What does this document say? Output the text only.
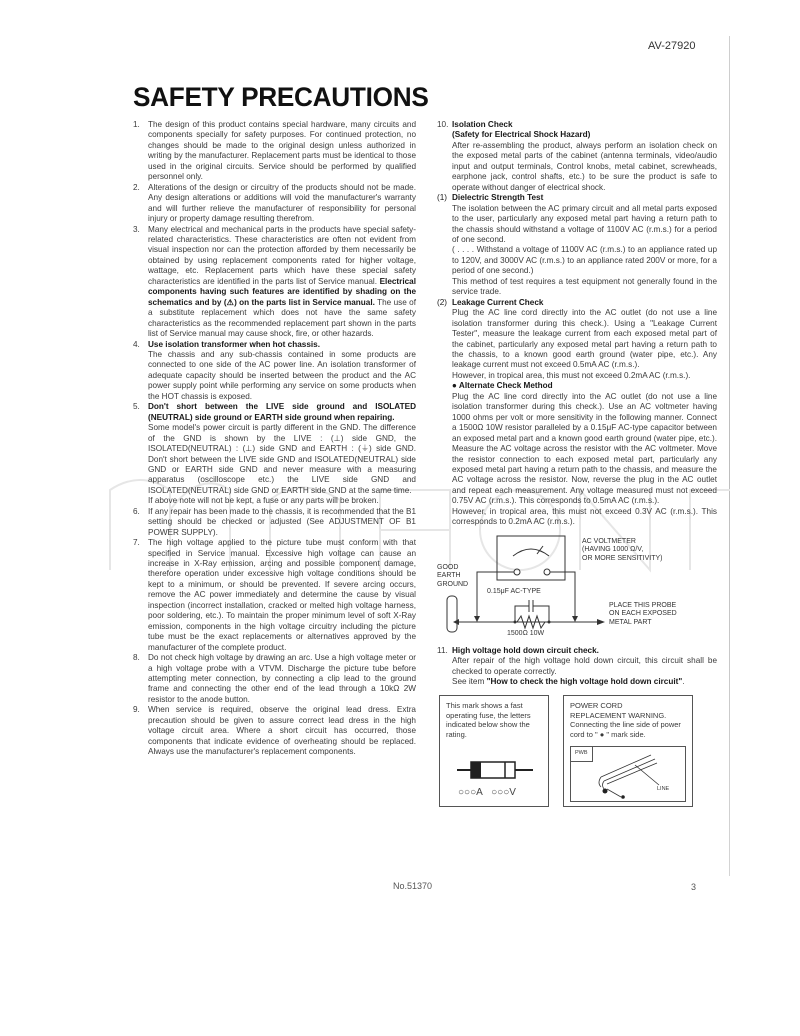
AV-27920
SAFETY PRECAUTIONS
1. The design of this product contains special hardware, many circuits and components specially for safety purposes. For continued protection, no changes should be made to the original design unless authorized in writing by the manufacturer. Replacement parts must be identical to those used in the original circuits. Service should be performed by qualified personnel only.

2. Alterations of the design or circuitry of the products should not be made. Any design alterations or additions will void the manufacturer's warranty and will further relieve the manufacturer of responsibility for personal injury or property damage resulting therefrom.

3. Many electrical and mechanical parts in the products have special safety-related characteristics. These characteristics are often not evident from visual inspection nor can the protection afforded by them necessarily be obtained by using replacement components rated for higher voltage, wattage, etc. Replacement parts which have these special safety characteristics are identified in the parts list of Service manual. Electrical components having such features are identified by shading on the schematics and by (⚠) on the parts list in Service manual. The use of a substitute replacement which does not have the same safety characteristics as the recommended replacement part shown in the parts list of Service manual may cause shock, fire, or other hazards.

4. Use isolation transformer when hot chassis.

The chassis and any sub-chassis contained in some products are connected to one side of the AC power line. An isolation transformer of adequate capacity should be inserted between the product and the AC power supply point while performing any service on some products when the HOT chassis is exposed.

5. Don't short between the LIVE side ground and ISOLATED (NEUTRAL) side ground or EARTH side ground when repairing.

Some model's power circuit is partly different in the GND. The difference of the GND is shown by the LIVE : (⊥) side GND, the ISOLATED(NEUTRAL) : (⊥) side GND and EARTH : (⏚) side GND. Don't short between the LIVE side GND and ISOLATED(NEUTRAL) side GND or EARTH side GND and never measure with a measuring apparatus (oscilloscope etc.) the LIVE side GND and ISOLATED(NEUTRAL) side GND or EARTH side GND at the same time.

If above note will not be kept, a fuse or any parts will be broken.

6. If any repair has been made to the chassis, it is recommended that the B1 setting should be checked or adjusted (See ADJUSTMENT OF B1 POWER SUPPLY).

7. The high voltage applied to the picture tube must conform with that specified in Service manual. Excessive high voltage can cause an increase in X-Ray emission, arcing and possible component damage, therefore operation under excessive high voltage conditions should be kept to a minimum, or should be prevented. If severe arcing occurs, remove the AC power immediately and determine the cause by visual inspection (incorrect installation, cracked or melted high voltage harness, poor soldering, etc.). To maintain the proper minimum level of soft X-Ray emission, components in the high voltage circuitry including the picture tube must be the exact replacements or alternatives approved by the manufacturer of the complete product.

8. Do not check high voltage by drawing an arc. Use a high voltage meter or a high voltage probe with a VTVM. Discharge the picture tube before attempting meter connection, by connecting a clip lead to the ground frame and connecting the other end of the lead through a 10kΩ 2W resistor to the anode button.

9. When service is required, observe the original lead dress. Extra precaution should be given to assure correct lead dress in the high voltage circuit area. Where a short circuit has occurred, those components that indicate evidence of overheating should be replaced. Always use the manufacturer's replacement components.

10. Isolation Check

(Safety for Electrical Shock Hazard)

After re-assembling the product, always perform an isolation check on the exposed metal parts of the cabinet (antenna terminals, video/audio input and output terminals, Control knobs, metal cabinet, screwheads, earphone jack, control shafts, etc.) to be sure the product is safe to operate without danger of electrical shock.

(1) Dielectric Strength Test

The isolation between the AC primary circuit and all metal parts exposed to the user, particularly any exposed metal part having a return path to the chassis should withstand a voltage of 1100V AC (r.m.s.) for a period of one second.

( . . . . Withstand a voltage of 1100V AC (r.m.s.) to an appliance rated up to 120V, and 3000V AC (r.m.s.) to an appliance rated 200V or more, for a period of one second.)

This method of test requires a test equipment not generally found in the service trade.

(2) Leakage Current Check

Plug the AC line cord directly into the AC outlet (do not use a line isolation transformer during this check.). Using a "Leakage Current Tester", measure the leakage current from each exposed metal part of the cabinet, particularly any exposed metal part having a return path to the chassis, to a known good earth ground (water pipe, etc.). Any leakage current must not exceed 0.5mA AC (r.m.s.).

However, in tropical area, this must not exceed 0.2mA AC (r.m.s.).

● Alternate Check Method

Plug the AC line cord directly into the AC outlet (do not use a line isolation transformer during this check.). Use an AC voltmeter having 1000 ohms per volt or more sensitivity in the following manner. Connect a 1500Ω 10W resistor paralleled by a 0.15μF AC-type capacitor between an exposed metal part and a known good earth ground (water pipe, etc.). Measure the AC voltage across the resistor with the AC voltmeter. Move the resistor connection to each exposed metal part, particularly any exposed metal part having a return path to the chassis, and measure the AC voltage across the resistor. Now, reverse the plug in the AC outlet and repeat each measurement. Any voltage measured must not exceed 0.75V AC (r.m.s.). This corresponds to 0.5mA AC (r.m.s.).

However, in tropical area, this must not exceed 0.3V AC (r.m.s.). This corresponds to 0.2mA AC (r.m.s.).

AC VOLTMETER
(HAVING 1000 Ω/V,
OR MORE SENSITIVITY)
GOOD
EARTH
GROUND
0.15μF AC-TYPE
1500Ω 10W
PLACE THIS PROBE
ON EACH EXPOSED
METAL PART
11. High voltage hold down circuit check.

After repair of the high voltage hold down circuit, this circuit shall be checked to operate correctly.

See item "How to check the high voltage hold down circuit".

This mark shows a fast operating fuse, the letters indicated below show the rating.

○○○A ○○○V

POWER CORD

REPLACEMENT WARNING.

Connecting the line side of power cord to " ● " mark side.

PWB
LINE
No.51370	3
